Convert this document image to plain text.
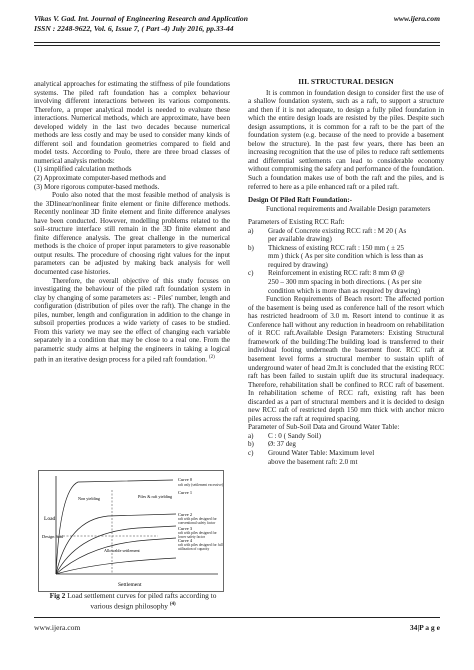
Vikas V. Gad. Int. Journal of Engineering Research and Application	www.ijera.com
ISSN : 2248-9622, Vol. 6, Issue 7, ( Part -4) July 2016, pp.33-44

analytical approaches for estimating the stiffness of pile foundations systems. The piled raft foundation has a complex behaviour involving different interactions between its various components. Therefore, a proper analytical model is needed to evaluate these interactions. Numerical methods, which are approximate, have been developed widely in the last two decades because numerical methods are less costly and may be used to consider many kinds of different soil and foundation geometries compared to field and model tests. According to Poulo, there are three broad classes of numerical analysis methods:

(1) simplified calculation methods
(2) Approximate computer-based methods and
(3) More rigorous computer-based methods.

Poulo also noted that the most feasible method of analysis is the 3Dlinear/nonlinear finite element or finite difference methods. Recently nonlinear 3D finite element and finite difference analyses have been conducted. However, modelling problems related to the soil–structure interface still remain in the 3D finite element and finite difference analysis. The great challenge in the numerical methods is the choice of proper input parameters to give reasonable output results. The procedure of choosing right values for the input parameters can be adjusted by making back analysis for well documented case histories.

Therefore, the overall objective of this study focuses on investigating the behaviour of the piled raft foundation system in clay by changing of some parameters as: - Piles' number, length and configuration (distribution of piles over the raft). The change in the piles, number, length and configuration in addition to the change in subsoil properties produces a wide variety of cases to be studied. From this variety we may see the effect of changing each variable separately in a condition that may be close to a real one. From the parametric study aims at helping the engineers in taking a logical path in an iterative design process for a piled raft foundation. $^{(2)}$

Load
Settlement
Design load
Non yielding	Piles & raft yielding
Allowable settlement
Curve 0
Curve 1
Curve 2
Curve 3
Curve 4
raft only (settlement excessive)
raft with piles designed for conventional safety factor
raft with piles designed for lower safety factor
raft with piles designed for full utilization of capacity
Fig 2 Load settlement curves for piled rafts according to various design philosophy $^{(4)}$
III. STRUCTURAL DESIGN

It is common in foundation design to consider first the use of a shallow foundation system, such as a raft, to support a structure and then if it is not adequate, to design a fully piled foundation in which the entire design loads are resisted by the piles. Despite such design assumptions, it is common for a raft to be the part of the foundation system (e.g. because of the need to provide a basement below the structure). In the past few years, there has been an increasing recognition that the use of piles to reduce raft settlements and differential settlements can lead to considerable economy without compromising the safety and performance of the foundation. Such a foundation makes use of both the raft and the piles, and is referred to here as a pile enhanced raft or a piled raft.

Design Of Piled Raft Foundation:-

Functional requirements and Available Design parameters

Parameters of Existing RCC Raft:

a)	Grade of Concrete existing RCC raft : M 20 ( As
per available drawing)
b)	Thickness of existing RCC raft : 150 mm ( ± 25
mm ) thick ( As per site condition which is less than as required by drawing)
c)	Reinforcement in existing RCC raft: 8 mm Ø @
250 – 300 mm spacing in both directions. ( As per site condition which is more than as required by drawing)

Function Requirements of Beach resort: The affected portion of the basement is being used as conference hall of the resort which has restricted headroom of 3.0 m. Resort intend to continue it as Conference hall without any reduction in headroom on rehabilitation of it RCC raft.Available Design Parameters: Existing Structural framework of the building:The building load is transferred to their individual footing underneath the basement floor. RCC raft at basement level forms a structural member to sustain uplift of underground water of head 2m.It is concluded that the existing RCC raft has been failed to sustain uplift due its structural inadequacy. Therefore, rehabilitation shall be confined to RCC raft of basement. In rehabilitation scheme of RCC raft, existing raft has been discarded as a part of structural members and it is decided to design new RCC raft of restricted depth 150 mm thick with anchor micro piles across the raft at required spacing.

Parameter of Sub-Soil Data and Ground Water Table:

a)	C : 0 ( Sandy Soil)
b)	Ø: 37 deg
c)	Ground Water Table: Maximum level
above the basement raft: 2.0 mt
www.ijera.com	34|P a g e
